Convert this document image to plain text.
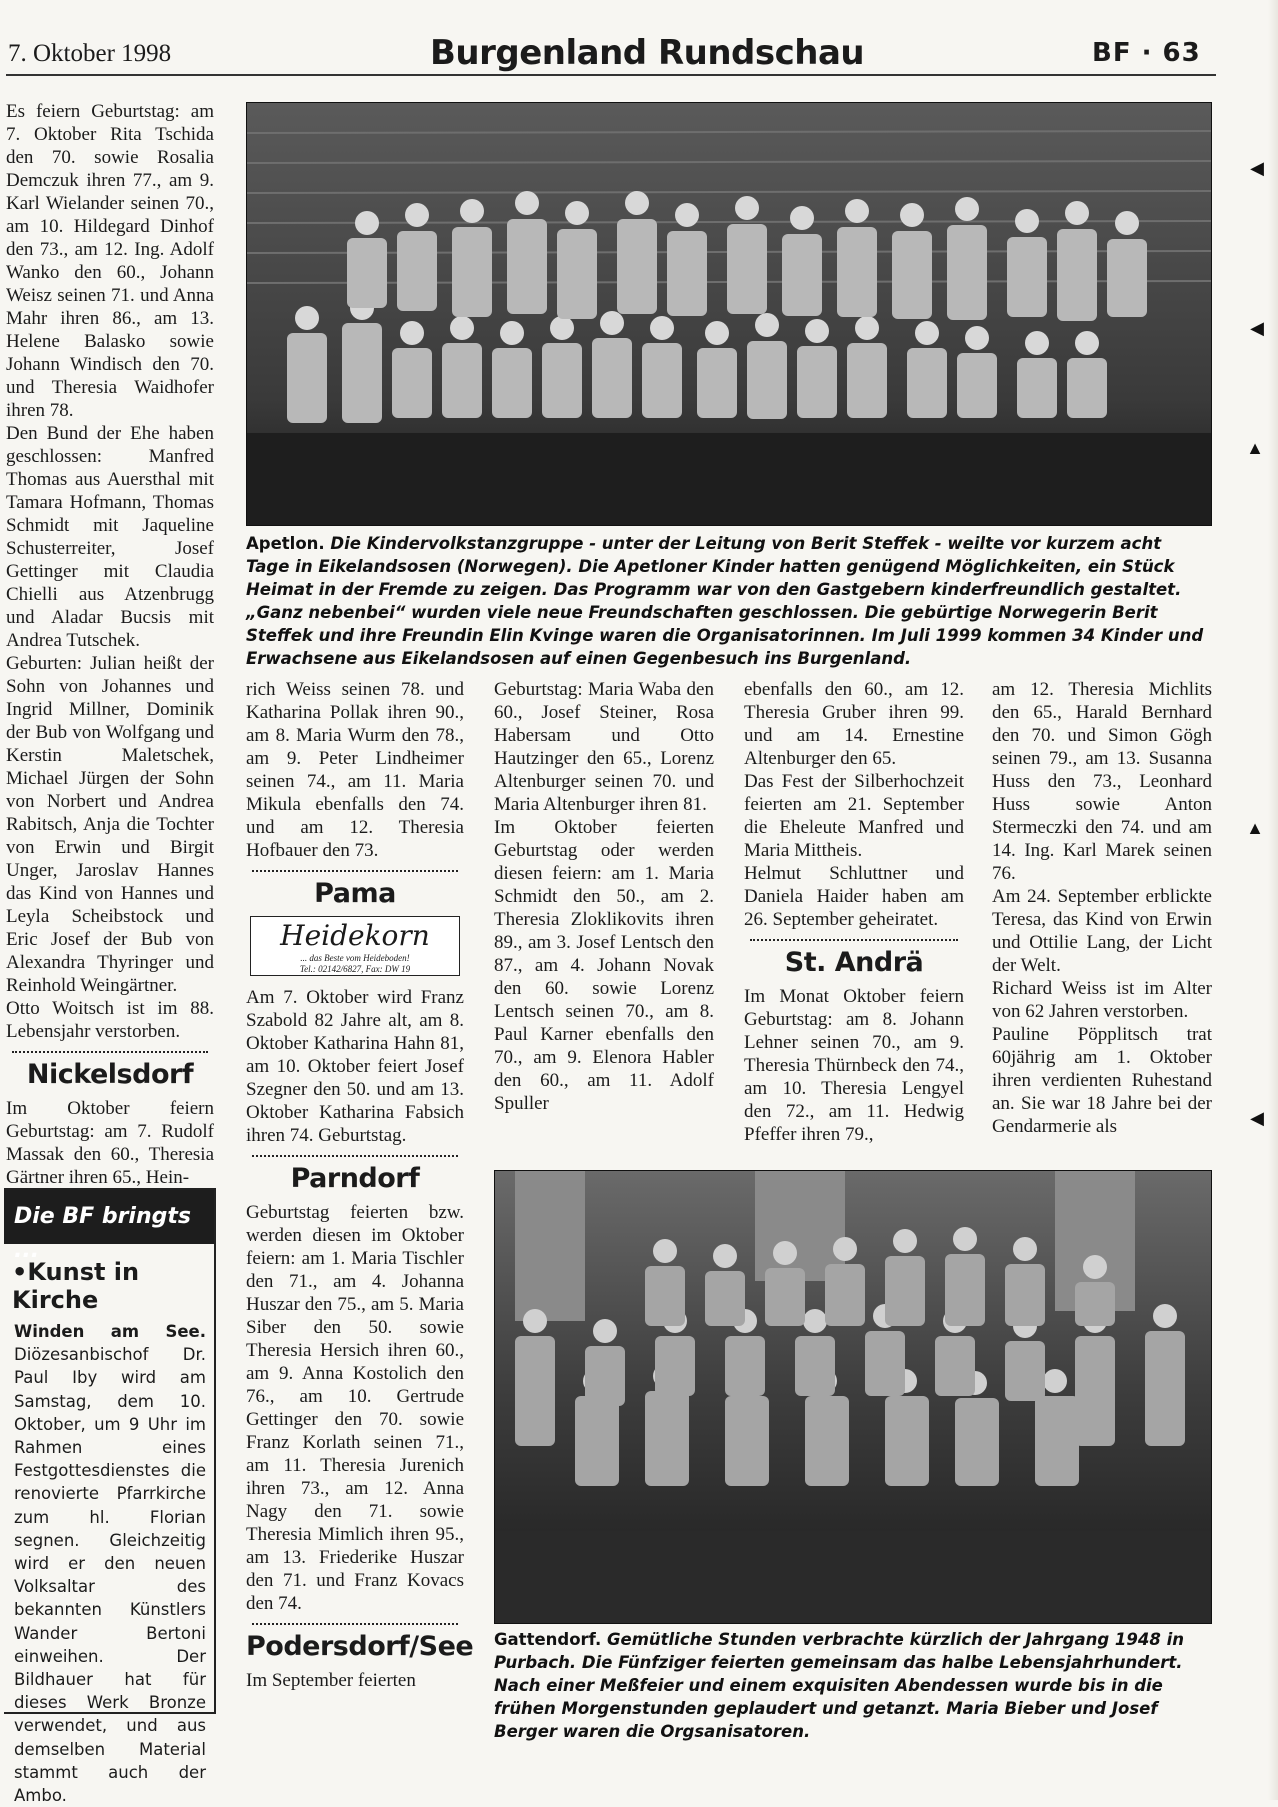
7. Oktober 1998	Burgenland Rundschau	BF · 63

Es feiern Geburtstag: am 7. Oktober Rita Tschida den 70. sowie Rosalia Demczuk ihren 77., am 9. Karl Wielander seinen 70., am 10. Hildegard Dinhof den 73., am 12. Ing. Adolf Wanko den 60., Johann Weisz seinen 71. und Anna Mahr ihren 86., am 13. Helene Balasko sowie Johann Windisch den 70. und Theresia Waidhofer ihren 78.

Den Bund der Ehe haben geschlossen: Manfred Thomas aus Auersthal mit Tamara Hofmann, Thomas Schmidt mit Jaqueline Schusterreiter, Josef Gettinger mit Claudia Chielli aus Atzenbrugg und Aladar Bucsis mit Andrea Tutschek.

Geburten: Julian heißt der Sohn von Johannes und Ingrid Millner, Dominik der Bub von Wolfgang und Kerstin Maletschek, Michael Jürgen der Sohn von Norbert und Andrea Rabitsch, Anja die Tochter von Erwin und Birgit Unger, Jaroslav Hannes das Kind von Hannes und Leyla Scheibstock und Eric Josef der Bub von Alexandra Thyringer und Reinhold Weingärtner.

Otto Woitsch ist im 88. Lebensjahr verstorben.

Nickelsdorf

Im Oktober feiern Geburtstag: am 7. Rudolf Massak den 60., Theresia Gärtner ihren 65., Hein-

Die BF bringts ...
•Kunst in Kirche
Winden am See. Diözesanbischof Dr. Paul Iby wird am Samstag, dem 10. Oktober, um 9 Uhr im Rahmen eines Festgottesdienstes die renovierte Pfarrkirche zum hl. Florian segnen. Gleichzeitig wird er den neuen Volksaltar des bekannten Künstlers Wander Bertoni einweihen. Der Bildhauer hat für dieses Werk Bronze verwendet, und aus demselben Material stammt auch der Ambo.
Apetlon. Die Kindervolkstanzgruppe - unter der Leitung von Berit Steffek - weilte vor kurzem acht Tage in Eikelandsosen (Norwegen). Die Apetloner Kinder hatten genügend Möglichkeiten, ein Stück Heimat in der Fremde zu zeigen. Das Programm war von den Gastgebern kinderfreundlich gestaltet. „Ganz nebenbei“ wurden viele neue Freundschaften geschlossen. Die gebürtige Norwegerin Berit Steffek und ihre Freundin Elin Kvinge waren die Organisatorinnen. Im Juli 1999 kommen 34 Kinder und Erwachsene aus Eikelandsosen auf einen Gegenbesuch ins Burgenland.

rich Weiss seinen 78. und Katharina Pollak ihren 90., am 8. Maria Wurm den 78., am 9. Peter Lindheimer seinen 74., am 11. Maria Mikula ebenfalls den 74. und am 12. Theresia Hofbauer den 73.

Pama
Heidekorn
... das Beste vom Heideboden!
Tel.: 02142/6827, Fax: DW 19

Am 7. Oktober wird Franz Szabold 82 Jahre alt, am 8. Oktober Katharina Hahn 81, am 10. Oktober feiert Josef Szegner den 50. und am 13. Oktober Katharina Fabsich ihren 74. Geburtstag.

Parndorf

Geburtstag feierten bzw. werden diesen im Oktober feiern: am 1. Maria Tischler den 71., am 4. Johanna Huszar den 75., am 5. Maria Siber den 50. sowie Theresia Hersich ihren 60., am 9. Anna Kostolich den 76., am 10. Gertrude Gettinger den 70. sowie Franz Korlath seinen 71., am 11. Theresia Jurenich ihren 73., am 12. Anna Nagy den 71. sowie Theresia Mimlich ihren 95., am 13. Friederike Huszar den 71. und Franz Kovacs den 74.

Podersdorf/See

Im September feierten

Geburtstag: Maria Waba den 60., Josef Steiner, Rosa Habersam und Otto Hautzinger den 65., Lorenz Altenburger seinen 70. und Maria Altenburger ihren 81.

Im Oktober feierten Geburtstag oder werden diesen feiern: am 1. Maria Schmidt den 50., am 2. Theresia Zloklikovits ihren 89., am 3. Josef Lentsch den 87., am 4. Johann Novak den 60. sowie Lorenz Lentsch seinen 70., am 8. Paul Karner ebenfalls den 70., am 9. Elenora Habler den 60., am 11. Adolf Spuller

ebenfalls den 60., am 12. Theresia Gruber ihren 99. und am 14. Ernestine Altenburger den 65.

Das Fest der Silberhochzeit feierten am 21. September die Eheleute Manfred und Maria Mittheis.

Helmut Schluttner und Daniela Haider haben am 26. September geheiratet.

St. Andrä

Im Monat Oktober feiern Geburtstag: am 8. Johann Lehner seinen 70., am 9. Theresia Thürnbeck den 74., am 10. Theresia Lengyel den 72., am 11. Hedwig Pfeffer ihren 79.,

am 12. Theresia Michlits den 65., Harald Bernhard den 70. und Simon Gögh seinen 79., am 13. Susanna Huss den 73., Leonhard Huss sowie Anton Stermeczki den 74. und am 14. Ing. Karl Marek seinen 76.

Am 24. September erblickte Teresa, das Kind von Erwin und Ottilie Lang, der Licht der Welt.

Richard Weiss ist im Alter von 62 Jahren verstorben.

Pauline Pöpplitsch trat 60jährig am 1. Oktober ihren verdienten Ruhestand an. Sie war 18 Jahre bei der Gendarmerie als

Gattendorf. Gemütliche Stunden verbrachte kürzlich der Jahrgang 1948 in Purbach. Die Fünfziger feierten gemeinsam das halbe Lebensjahrhundert. Nach einer Meßfeier und einem exquisiten Abendessen wurde bis in die frühen Morgenstunden geplaudert und getanzt. Maria Bieber und Josef Berger waren die Orgsanisatoren.
◀
◀
▲
▲
◀
